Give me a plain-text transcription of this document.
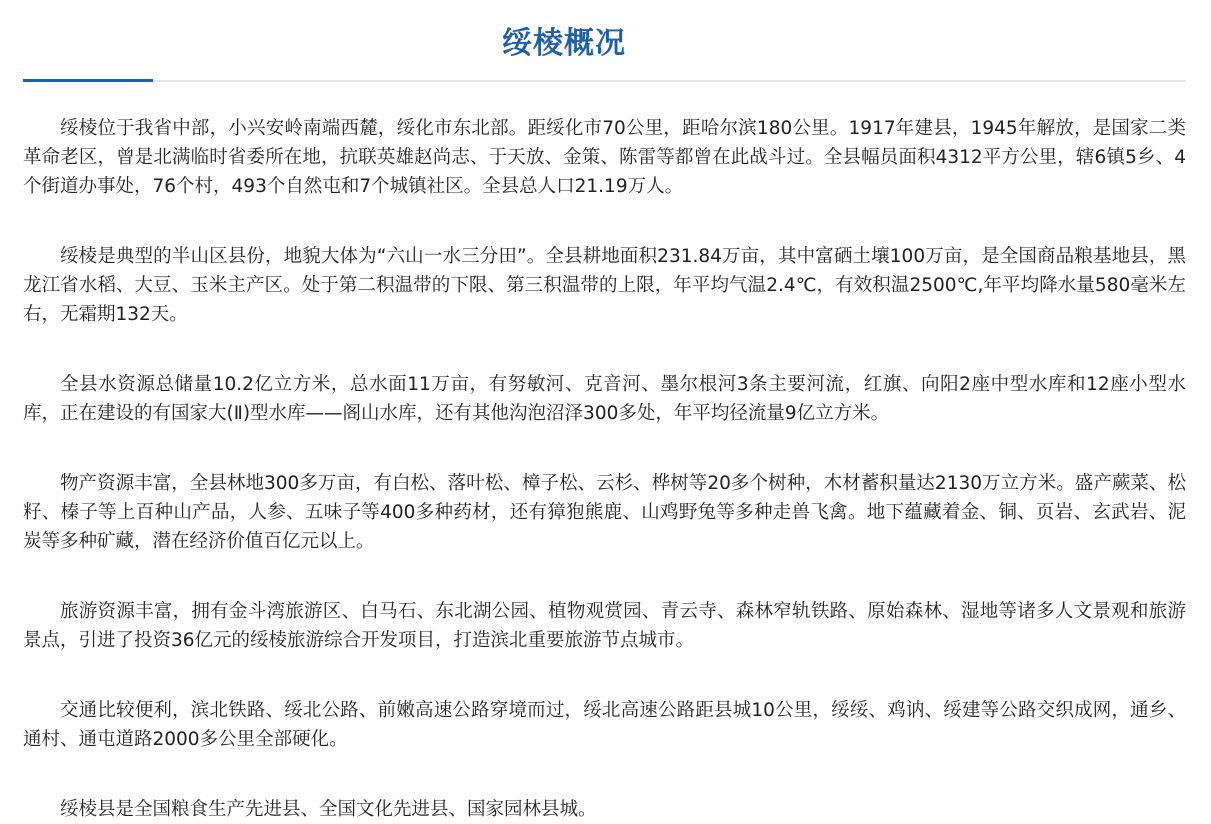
绥棱概况

绥棱位于我省中部，小兴安岭南端西麓，绥化市东北部。距绥化市70公里，距哈尔滨180公里。1917年建县，1945年解放，是国家二类革命老区，曾是北满临时省委所在地，抗联英雄赵尚志、于天放、金策、陈雷等都曾在此战斗过。全县幅员面积4312平方公里，辖6镇5乡、4个街道办事处，76个村，493个自然屯和7个城镇社区。全县总人口21.19万人。

绥棱是典型的半山区县份，地貌大体为“六山一水三分田”。全县耕地面积231.84万亩，其中富硒土壤100万亩，是全国商品粮基地县，黑龙江省水稻、大豆、玉米主产区。处于第二积温带的下限、第三积温带的上限，年平均气温2.4℃，有效积温2500℃,年平均降水量580毫米左右，无霜期132天。

全县水资源总储量10.2亿立方米，总水面11万亩，有努敏河、克音河、墨尔根河3条主要河流，红旗、向阳2座中型水库和12座小型水库，正在建设的有国家大(Ⅱ)型水库——阁山水库，还有其他沟泡沼泽300多处，年平均径流量9亿立方米。

物产资源丰富，全县林地300多万亩，有白松、落叶松、樟子松、云杉、桦树等20多个树种，木材蓄积量达2130万立方米。盛产蕨菜、松籽、榛子等上百种山产品，人参、五味子等400多种药材，还有獐狍熊鹿、山鸡野兔等多种走兽飞禽。地下蕴藏着金、铜、页岩、玄武岩、泥炭等多种矿藏，潜在经济价值百亿元以上。

旅游资源丰富，拥有金斗湾旅游区、白马石、东北湖公园、植物观赏园、青云寺、森林窄轨铁路、原始森林、湿地等诸多人文景观和旅游景点，引进了投资36亿元的绥棱旅游综合开发项目，打造滨北重要旅游节点城市。

交通比较便利，滨北铁路、绥北公路、前嫩高速公路穿境而过，绥北高速公路距县城10公里，绥绥、鸡讷、绥建等公路交织成网，通乡、通村、通屯道路2000多公里全部硬化。

绥棱县是全国粮食生产先进县、全国文化先进县、国家园林县城。
